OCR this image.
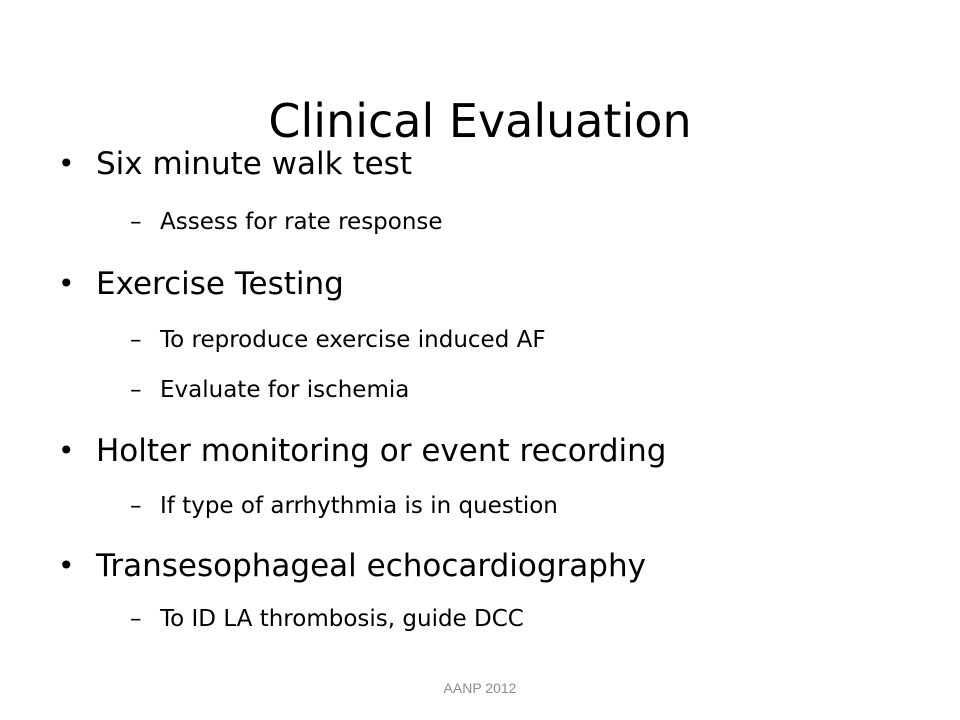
Clinical Evaluation
• Six minute walk test
– Assess for rate response
• Exercise Testing
– To reproduce exercise induced AF
– Evaluate for ischemia
• Holter monitoring or event recording
– If type of arrhythmia is in question
• Transesophageal echocardiography
– To ID LA thrombosis, guide DCC
AANP 2012
